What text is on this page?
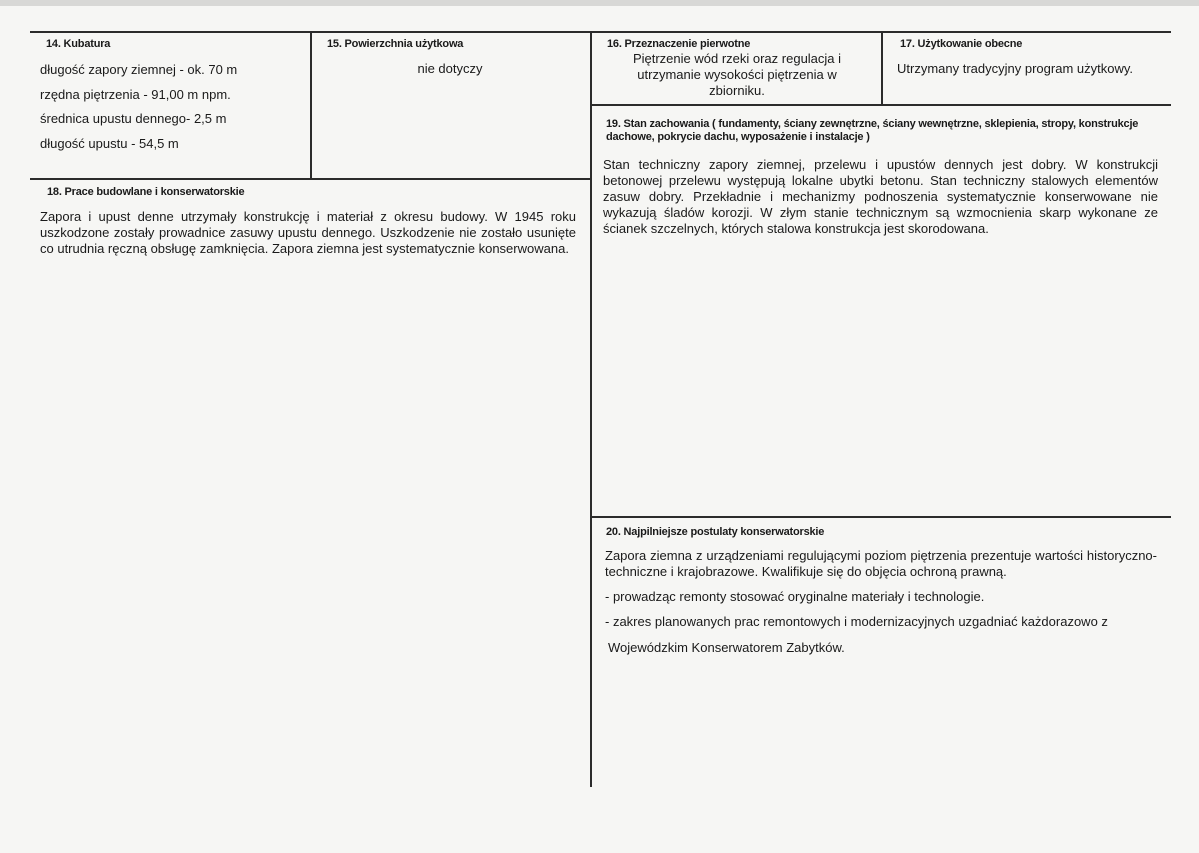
14. Kubatura
długość zapory ziemnej - ok. 70 m
rzędna piętrzenia - 91,00 m npm.
średnica upustu dennego- 2,5 m
długość upustu - 54,5 m
15. Powierzchnia użytkowa
nie dotyczy
16. Przeznaczenie pierwotne
Piętrzenie wód rzeki oraz regulacja i utrzymanie wysokości piętrzenia w zbiorniku.
17. Użytkowanie obecne
Utrzymany tradycyjny program użytkowy.
18. Prace budowlane i konserwatorskie
Zapora i upust denne utrzymały konstrukcję i materiał z okresu budowy. W 1945 roku uszkodzone zostały prowadnice zasuwy upustu dennego. Uszkodzenie nie zostało usunięte co utrudnia ręczną obsługę zamknięcia. Zapora ziemna jest systematycznie konserwowana.
19. Stan zachowania ( fundamenty, ściany zewnętrzne, ściany wewnętrzne, sklepienia, stropy, konstrukcje dachowe, pokrycie dachu, wyposażenie i instalacje )
Stan techniczny zapory ziemnej, przelewu i upustów dennych jest dobry. W konstrukcji betonowej przelewu występują lokalne ubytki betonu. Stan techniczny stalowych elementów zasuw dobry. Przekładnie i mechanizmy podnoszenia systematycznie konserwowane nie wykazują śladów korozji. W złym stanie technicznym są wzmocnienia skarp wykonane ze ścianek szczelnych, których stalowa konstrukcja jest skorodowana.
20. Najpilniejsze postulaty konserwatorskie
Zapora ziemna z urządzeniami regulującymi poziom piętrzenia prezentuje wartości historyczno-techniczne i krajobrazowe. Kwalifikuje się do objęcia ochroną prawną.
- prowadząc remonty stosować oryginalne materiały i technologie.
- zakres planowanych prac remontowych i modernizacyjnych uzgadniać każdorazowo z
Wojewódzkim Konserwatorem Zabytków.
